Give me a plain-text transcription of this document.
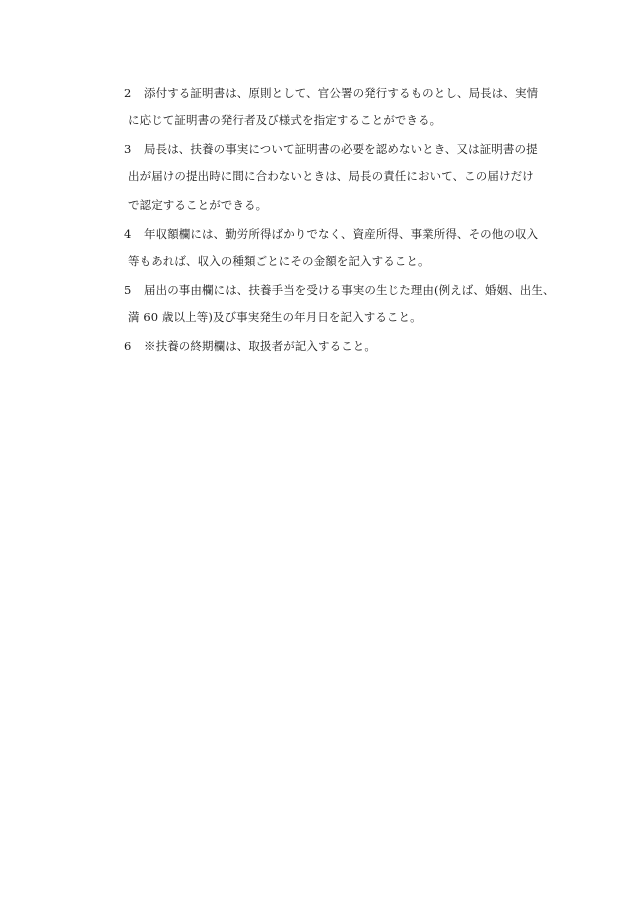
2	添付する証明書は、原則として、官公署の発行するものとし、局長は、実情
に応じて証明書の発行者及び様式を指定することができる。
3	局長は、扶養の事実について証明書の必要を認めないとき、又は証明書の提
出が届けの提出時に間に合わないときは、局長の責任において、この届けだけ
で認定することができる。
4	年収額欄には、勤労所得ばかりでなく、資産所得、事業所得、その他の収入
等もあれば、収入の種類ごとにその金額を記入すること。
5	届出の事由欄には、扶養手当を受ける事実の生じた理由(例えば、婚姻、出生、
満 60 歳以上等)及び事実発生の年月日を記入すること。
6	※扶養の終期欄は、取扱者が記入すること。
